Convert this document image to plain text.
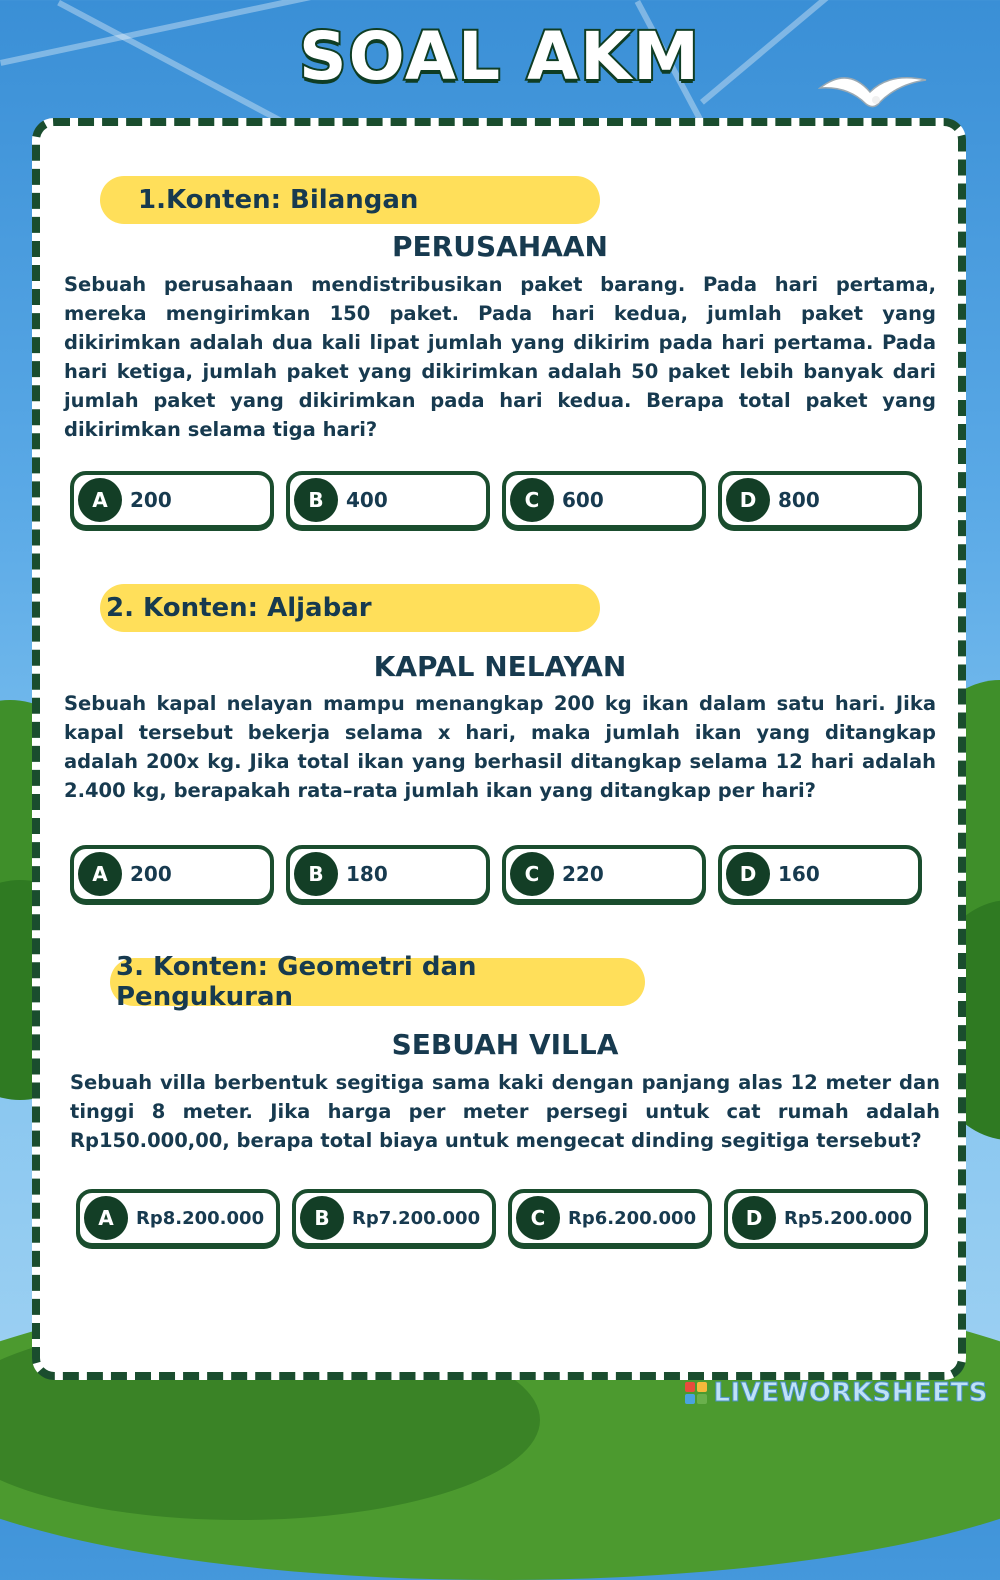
SOAL AKM
1.Konten: Bilangan
PERUSAHAAN
Sebuah perusahaan mendistribusikan paket barang. Pada hari pertama, mereka mengirimkan 150 paket. Pada hari kedua, jumlah paket yang dikirimkan adalah dua kali lipat jumlah yang dikirim pada hari pertama. Pada hari ketiga, jumlah paket yang dikirimkan adalah 50 paket lebih banyak dari jumlah paket yang dikirimkan pada hari kedua. Berapa total paket yang dikirimkan selama tiga hari?
A	200	B	400	C	600	D	800
2. Konten: Aljabar
KAPAL NELAYAN
Sebuah kapal nelayan mampu menangkap 200 kg ikan dalam satu hari. Jika kapal tersebut bekerja selama x hari, maka jumlah ikan yang ditangkap adalah 200x kg. Jika total ikan yang berhasil ditangkap selama 12 hari adalah 2.400 kg, berapakah rata–rata jumlah ikan yang ditangkap per hari?
A	200	B	180	C	220	D	160
3. Konten: Geometri dan Pengukuran
SEBUAH VILLA
Sebuah villa berbentuk segitiga sama kaki dengan panjang alas 12 meter dan tinggi 8 meter. Jika harga per meter persegi untuk cat rumah adalah Rp150.000,00, berapa total biaya untuk mengecat dinding segitiga tersebut?
A	Rp8.200.000	B	Rp7.200.000	C	Rp6.200.000	D	Rp5.200.000
LIVEWORKSHEETS
